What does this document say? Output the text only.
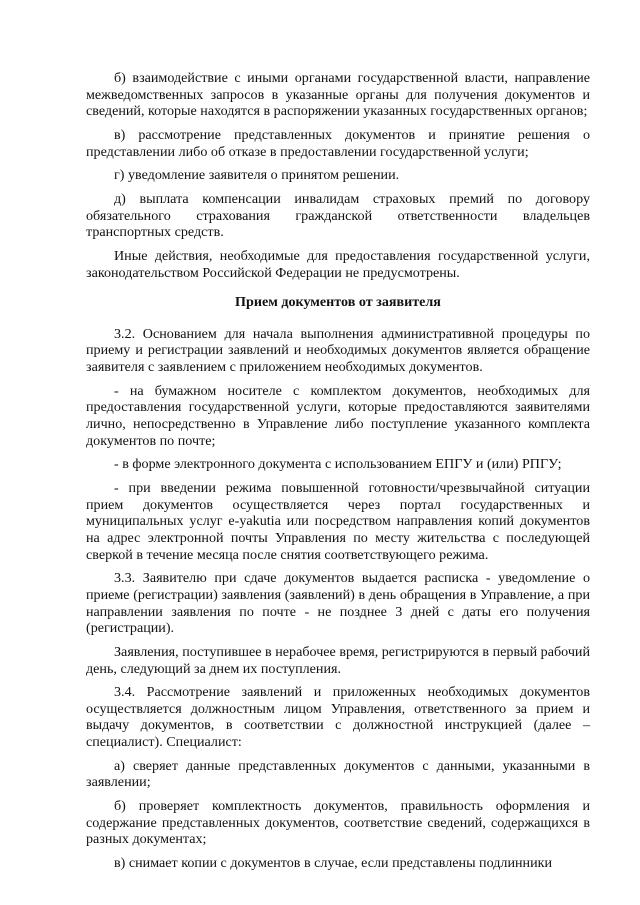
б) взаимодействие с иными органами государственной власти, направление межведомственных запросов в указанные органы для получения документов и сведений, которые находятся в распоряжении указанных государственных органов;

в) рассмотрение представленных документов и принятие решения о представлении либо об отказе в предоставлении государственной услуги;

г) уведомление заявителя о принятом решении.

д) выплата компенсации инвалидам страховых премий по договору обязательного страхования гражданской ответственности владельцев транспортных средств.

Иные действия, необходимые для предоставления государственной услуги, законодательством Российской Федерации не предусмотрены.

Прием документов от заявителя

3.2. Основанием для начала выполнения административной процедуры по приему и регистрации заявлений и необходимых документов является обращение заявителя с заявлением с приложением необходимых документов.

- на бумажном носителе с комплектом документов, необходимых для предоставления государственной услуги, которые предоставляются заявителями лично, непосредственно в Управление либо поступление указанного комплекта документов по почте;

- в форме электронного документа с использованием ЕПГУ и (или) РПГУ;

- при введении режима повышенной готовности/чрезвычайной ситуации прием документов осуществляется через портал государственных и муниципальных услуг e-yakutia или посредством направления копий документов на адрес электронной почты Управления по месту жительства с последующей сверкой в течение месяца после снятия соответствующего режима.

3.3. Заявителю при сдаче документов выдается расписка - уведомление о приеме (регистрации) заявления (заявлений) в день обращения в Управление, а при направлении заявления по почте - не позднее 3 дней с даты его получения (регистрации).

Заявления, поступившее в нерабочее время, регистрируются в первый рабочий день, следующий за днем их поступления.

3.4. Рассмотрение заявлений и приложенных необходимых документов осуществляется должностным лицом Управления, ответственного за прием и выдачу документов, в соответствии с должностной инструкцией (далее – специалист). Специалист:

а) сверяет данные представленных документов с данными, указанными в заявлении;

б) проверяет комплектность документов, правильность оформления и содержание представленных документов, соответствие сведений, содержащихся в разных документах;

в) снимает копии с документов в случае, если представлены подлинники
